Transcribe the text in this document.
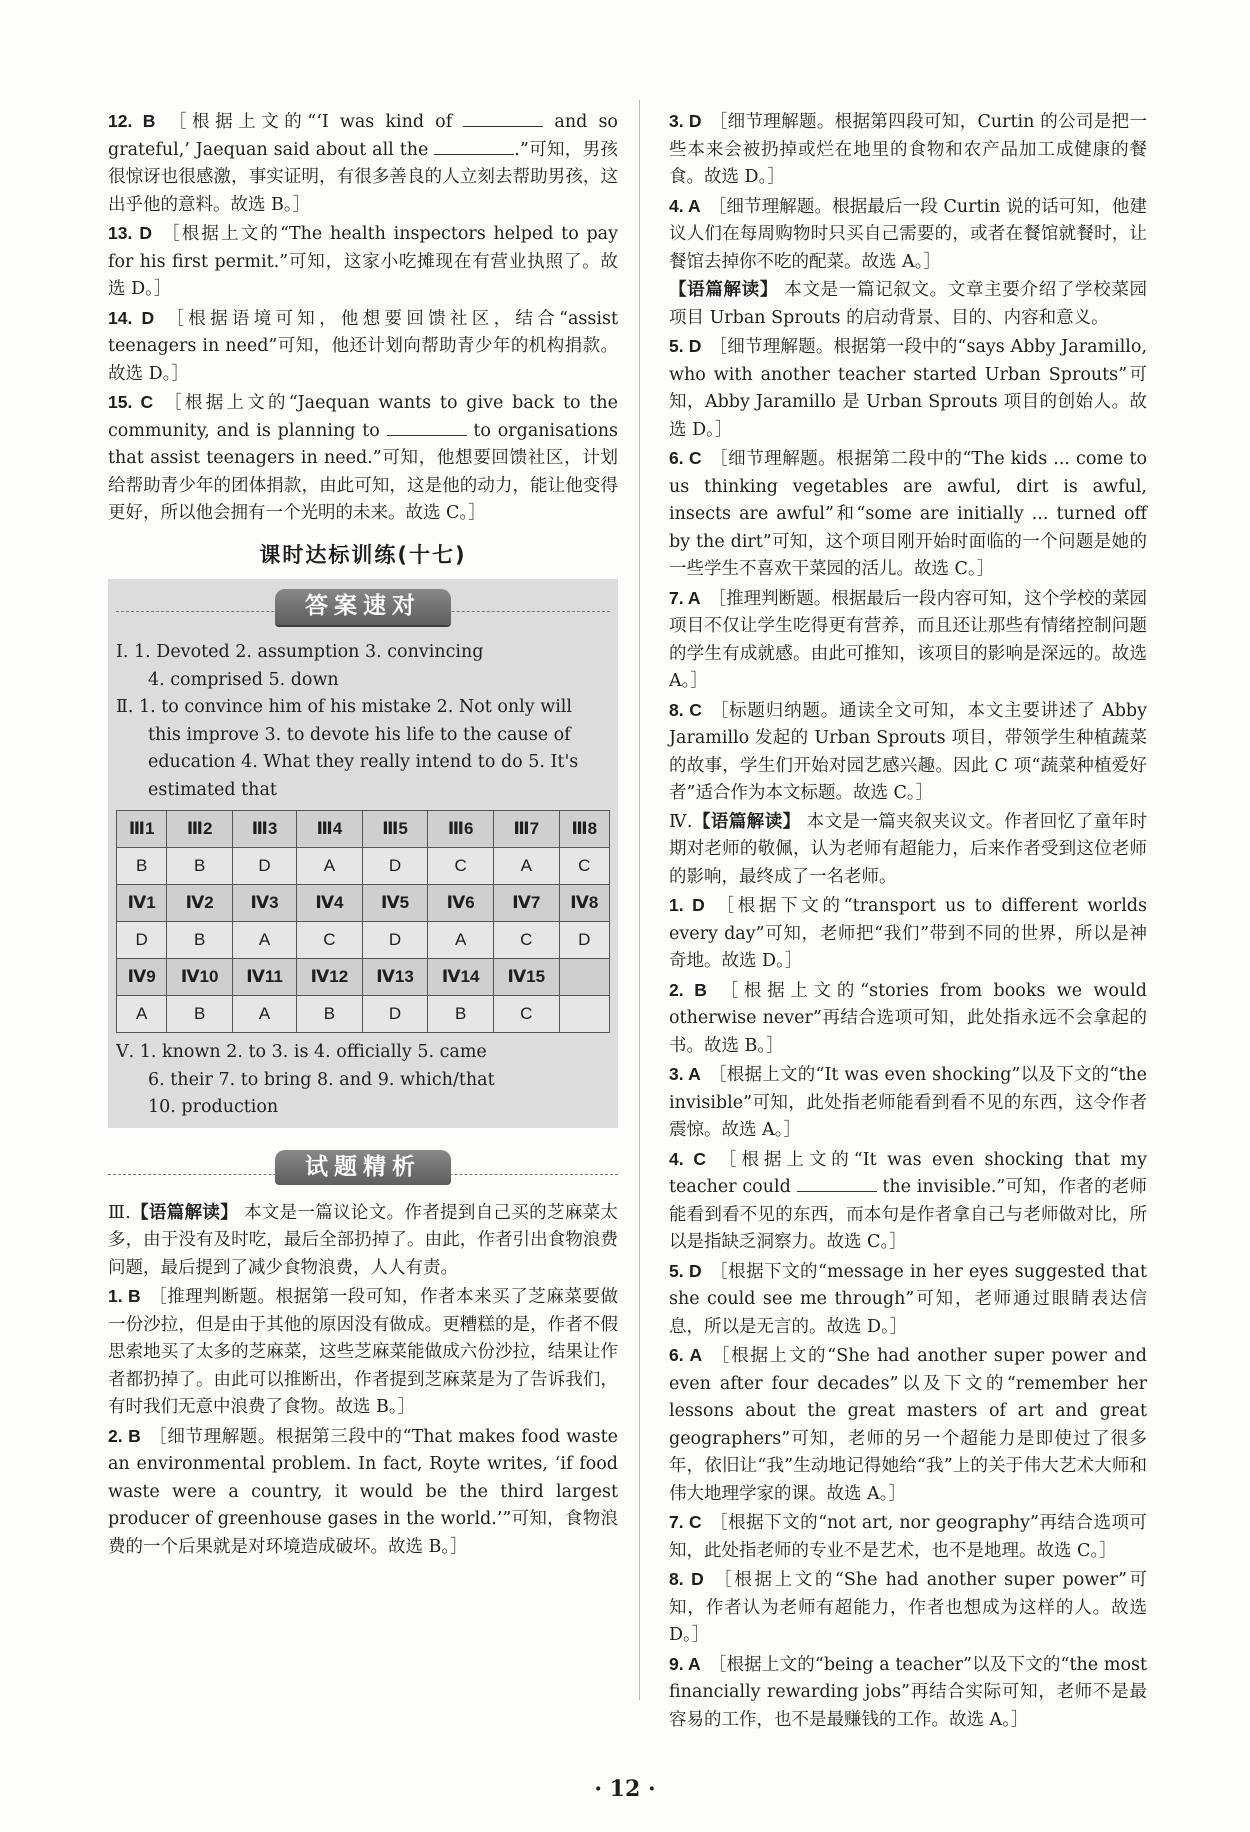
12. B ［根据上文的“‘I was kind of	and so grateful,’ Jaequan said about all the	.”可知，男孩很惊讶也很感激，事实证明，有很多善良的人立刻去帮助男孩，这出乎他的意料。故选 B。］
13. D ［根据上文的“The health inspectors helped to pay for his first permit.”可知，这家小吃摊现在有营业执照了。故选 D。］
14. D ［根据语境可知，他想要回馈社区，结合“assist teenagers in need”可知，他还计划向帮助青少年的机构捐款。故选 D。］
15. C ［根据上文的“Jaequan wants to give back to the community, and is planning to	to organisations that assist teenagers in need.”可知，他想要回馈社区，计划给帮助青少年的团体捐款，由此可知，这是他的动力，能让他变得更好，所以他会拥有一个光明的未来。故选 C。］
课时达标训练(十七)
答案速对

Ⅰ. 1. Devoted 2. assumption 3. convincing

4. comprised 5. down

Ⅱ. 1. to convince him of his mistake 2. Not only will

this improve 3. to devote his life to the cause of

education 4. What they really intend to do 5. It's

estimated that

Ⅲ1	Ⅲ2	Ⅲ3	Ⅲ4	Ⅲ5	Ⅲ6	Ⅲ7	Ⅲ8
B	B	D	A	D	C	A	C
Ⅳ1	Ⅳ2	Ⅳ3	Ⅳ4	Ⅳ5	Ⅳ6	Ⅳ7	Ⅳ8
D	B	A	C	D	A	C	D
Ⅳ9	Ⅳ10	Ⅳ11	Ⅳ12	Ⅳ13	Ⅳ14	Ⅳ15	
A	B	A	B	D	B	C	

Ⅴ. 1. known 2. to 3. is 4. officially 5. came

6. their 7. to bring 8. and 9. which/that

10. production

试题精析
Ⅲ.【语篇解读】 本文是一篇议论文。作者提到自己买的芝麻菜太多，由于没有及时吃，最后全部扔掉了。由此，作者引出食物浪费问题，最后提到了减少食物浪费，人人有责。
1. B ［推理判断题。根据第一段可知，作者本来买了芝麻菜要做一份沙拉，但是由于其他的原因没有做成。更糟糕的是，作者不假思索地买了太多的芝麻菜，这些芝麻菜能做成六份沙拉，结果让作者都扔掉了。由此可以推断出，作者提到芝麻菜是为了告诉我们，有时我们无意中浪费了食物。故选 B。］
2. B ［细节理解题。根据第三段中的“That makes food waste an environmental problem. In fact, Royte writes, ‘if food waste were a country, it would be the third largest producer of greenhouse gases in the world.’”可知，食物浪费的一个后果就是对环境造成破坏。故选 B。］
3. D ［细节理解题。根据第四段可知，Curtin 的公司是把一些本来会被扔掉或烂在地里的食物和农产品加工成健康的餐食。故选 D。］
4. A ［细节理解题。根据最后一段 Curtin 说的话可知，他建议人们在每周购物时只买自己需要的，或者在餐馆就餐时，让餐馆去掉你不吃的配菜。故选 A。］
【语篇解读】 本文是一篇记叙文。文章主要介绍了学校菜园项目 Urban Sprouts 的启动背景、目的、内容和意义。
5. D ［细节理解题。根据第一段中的“says Abby Jaramillo, who with another teacher started Urban Sprouts”可知，Abby Jaramillo 是 Urban Sprouts 项目的创始人。故选 D。］
6. C ［细节理解题。根据第二段中的“The kids ... come to us thinking vegetables are awful, dirt is awful, insects are awful”和“some are initially ... turned off by the dirt”可知，这个项目刚开始时面临的一个问题是她的一些学生不喜欢干菜园的活儿。故选 C。］
7. A ［推理判断题。根据最后一段内容可知，这个学校的菜园项目不仅让学生吃得更有营养，而且还让那些有情绪控制问题的学生有成就感。由此可推知，该项目的影响是深远的。故选 A。］
8. C ［标题归纳题。通读全文可知，本文主要讲述了 Abby Jaramillo 发起的 Urban Sprouts 项目，带领学生种植蔬菜的故事，学生们开始对园艺感兴趣。因此 C 项“蔬菜种植爱好者”适合作为本文标题。故选 C。］
Ⅳ.【语篇解读】 本文是一篇夹叙夹议文。作者回忆了童年时期对老师的敬佩，认为老师有超能力，后来作者受到这位老师的影响，最终成了一名老师。
1. D ［根据下文的“transport us to different worlds every day”可知，老师把“我们”带到不同的世界，所以是神奇地。故选 D。］
2. B ［根据上文的“stories from books we would otherwise never”再结合选项可知，此处指永远不会拿起的书。故选 B。］
3. A ［根据上文的“It was even shocking”以及下文的“the invisible”可知，此处指老师能看到看不见的东西，这令作者震惊。故选 A。］
4. C ［根据上文的“It was even shocking that my teacher could	the invisible.”可知，作者的老师能看到看不见的东西，而本句是作者拿自己与老师做对比，所以是指缺乏洞察力。故选 C。］
5. D ［根据下文的“message in her eyes suggested that she could see me through”可知，老师通过眼睛表达信息，所以是无言的。故选 D。］
6. A ［根据上文的“She had another super power and even after four decades”以及下文的“remember her lessons about the great masters of art and great geographers”可知，老师的另一个超能力是即使过了很多年，依旧让“我”生动地记得她给“我”上的关于伟大艺术大师和伟大地理学家的课。故选 A。］
7. C ［根据下文的“not art, nor geography”再结合选项可知，此处指老师的专业不是艺术，也不是地理。故选 C。］
8. D ［根据上文的“She had another super power”可知，作者认为老师有超能力，作者也想成为这样的人。故选 D。］
9. A ［根据上文的“being a teacher”以及下文的“the most financially rewarding jobs”再结合实际可知，老师不是最容易的工作，也不是最赚钱的工作。故选 A。］
· 12 ·
